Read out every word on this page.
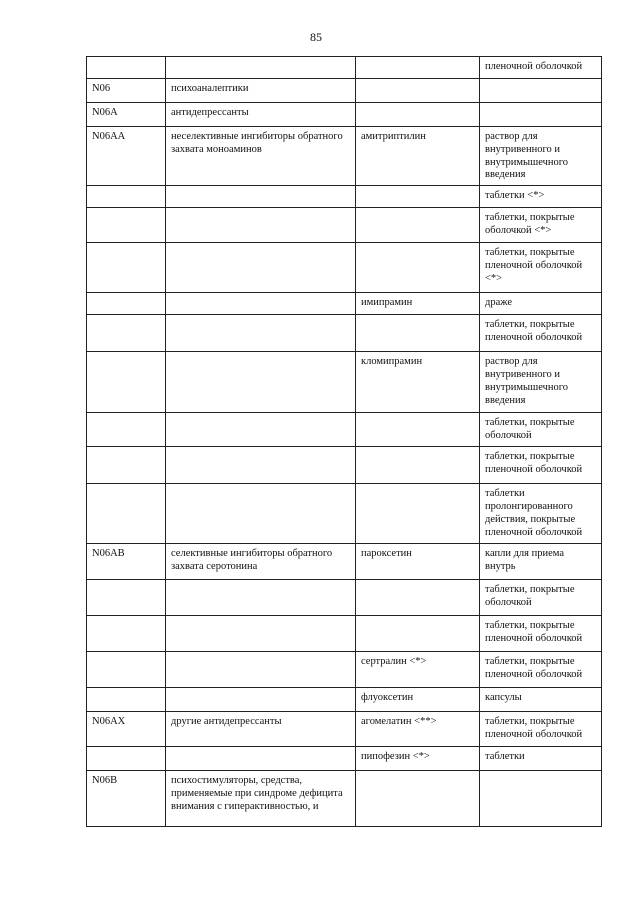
85
			пленочной оболочкой
N06	психоаналептики		
N06A	антидепрессанты		
N06AA	неселективные ингибиторы обратного захвата моноаминов	амитриптилин	раствор для внутривенного и внутримышечного введения
			таблетки <*>
			таблетки, покрытые оболочкой <*>
			таблетки, покрытые пленочной оболочкой <*>
		имипрамин	драже
			таблетки, покрытые пленочной оболочкой
		кломипрамин	раствор для внутривенного и внутримышечного введения
			таблетки, покрытые оболочкой
			таблетки, покрытые пленочной оболочкой
			таблетки пролонгированного действия, покрытые пленочной оболочкой
N06AB	селективные ингибиторы обратного захвата серотонина	пароксетин	капли для приема внутрь
			таблетки, покрытые оболочкой
			таблетки, покрытые пленочной оболочкой
		сертралин <*>	таблетки, покрытые пленочной оболочкой
		флуоксетин	капсулы
N06AX	другие антидепрессанты	агомелатин <**>	таблетки, покрытые пленочной оболочкой
		пипофезин <*>	таблетки
N06B	психостимуляторы, средства, применяемые при синдроме дефицита внимания с гиперактивностью, и		
